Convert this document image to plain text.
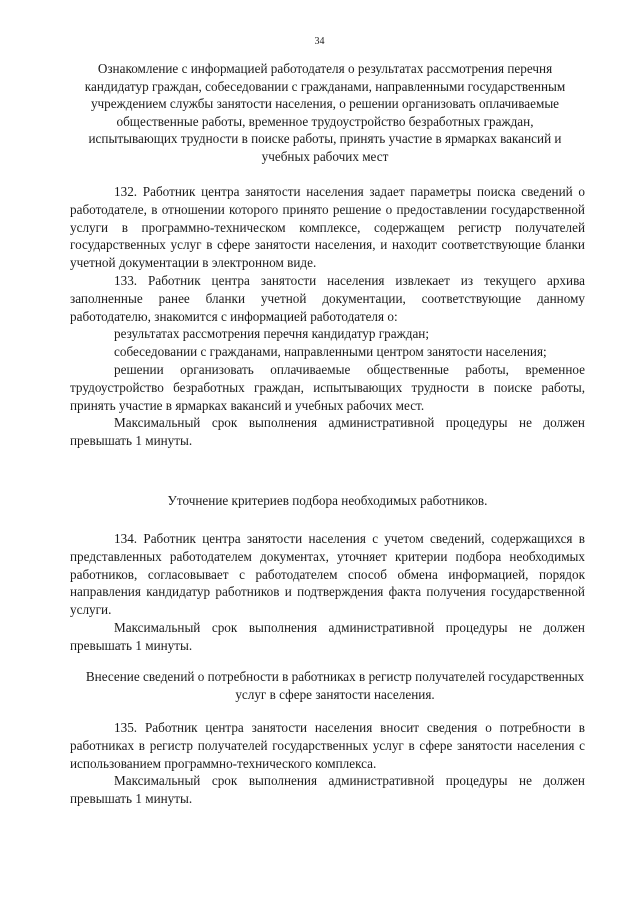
34
Ознакомление с информацией работодателя о результатах рассмотрения перечня кандидатур граждан, собеседовании с гражданами, направленными государственным учреждением службы занятости населения, о решении организовать оплачиваемые общественные работы, временное трудоустройство безработных граждан, испытывающих трудности в поиске работы, принять участие в ярмарках вакансий и учебных рабочих мест

132. Работник центра занятости населения задает параметры поиска сведений о работодателе, в отношении которого принято решение о предоставлении государственной услуги в программно-техническом комплексе, содержащем регистр получателей государственных услуг в сфере занятости населения, и находит соответствующие бланки учетной документации в электронном виде.

133. Работник центра занятости населения извлекает из текущего архива заполненные ранее бланки учетной документации, соответствующие данному работодателю, знакомится с информацией работодателя о:

результатах рассмотрения перечня кандидатур граждан;

собеседовании с гражданами, направленными центром занятости населения;

решении организовать оплачиваемые общественные работы, временное трудоустройство безработных граждан, испытывающих трудности в поиске работы, принять участие в ярмарках вакансий и учебных рабочих мест.

Максимальный срок выполнения административной процедуры не должен превышать 1 минуты.

Уточнение критериев подбора необходимых работников.

134. Работник центра занятости населения с учетом сведений, содержащихся в представленных работодателем документах, уточняет критерии подбора необходимых работников, согласовывает с работодателем способ обмена информацией, порядок направления кандидатур работников и подтверждения факта получения государственной услуги.

Максимальный срок выполнения административной процедуры не должен превышать 1 минуты.

Внесение сведений о потребности в работниках в регистр получателей государственных услуг в сфере занятости населения.

135. Работник центра занятости населения вносит сведения о потребности в работниках в регистр получателей государственных услуг в сфере занятости населения с использованием программно-технического комплекса.

Максимальный срок выполнения административной процедуры не должен превышать 1 минуты.
